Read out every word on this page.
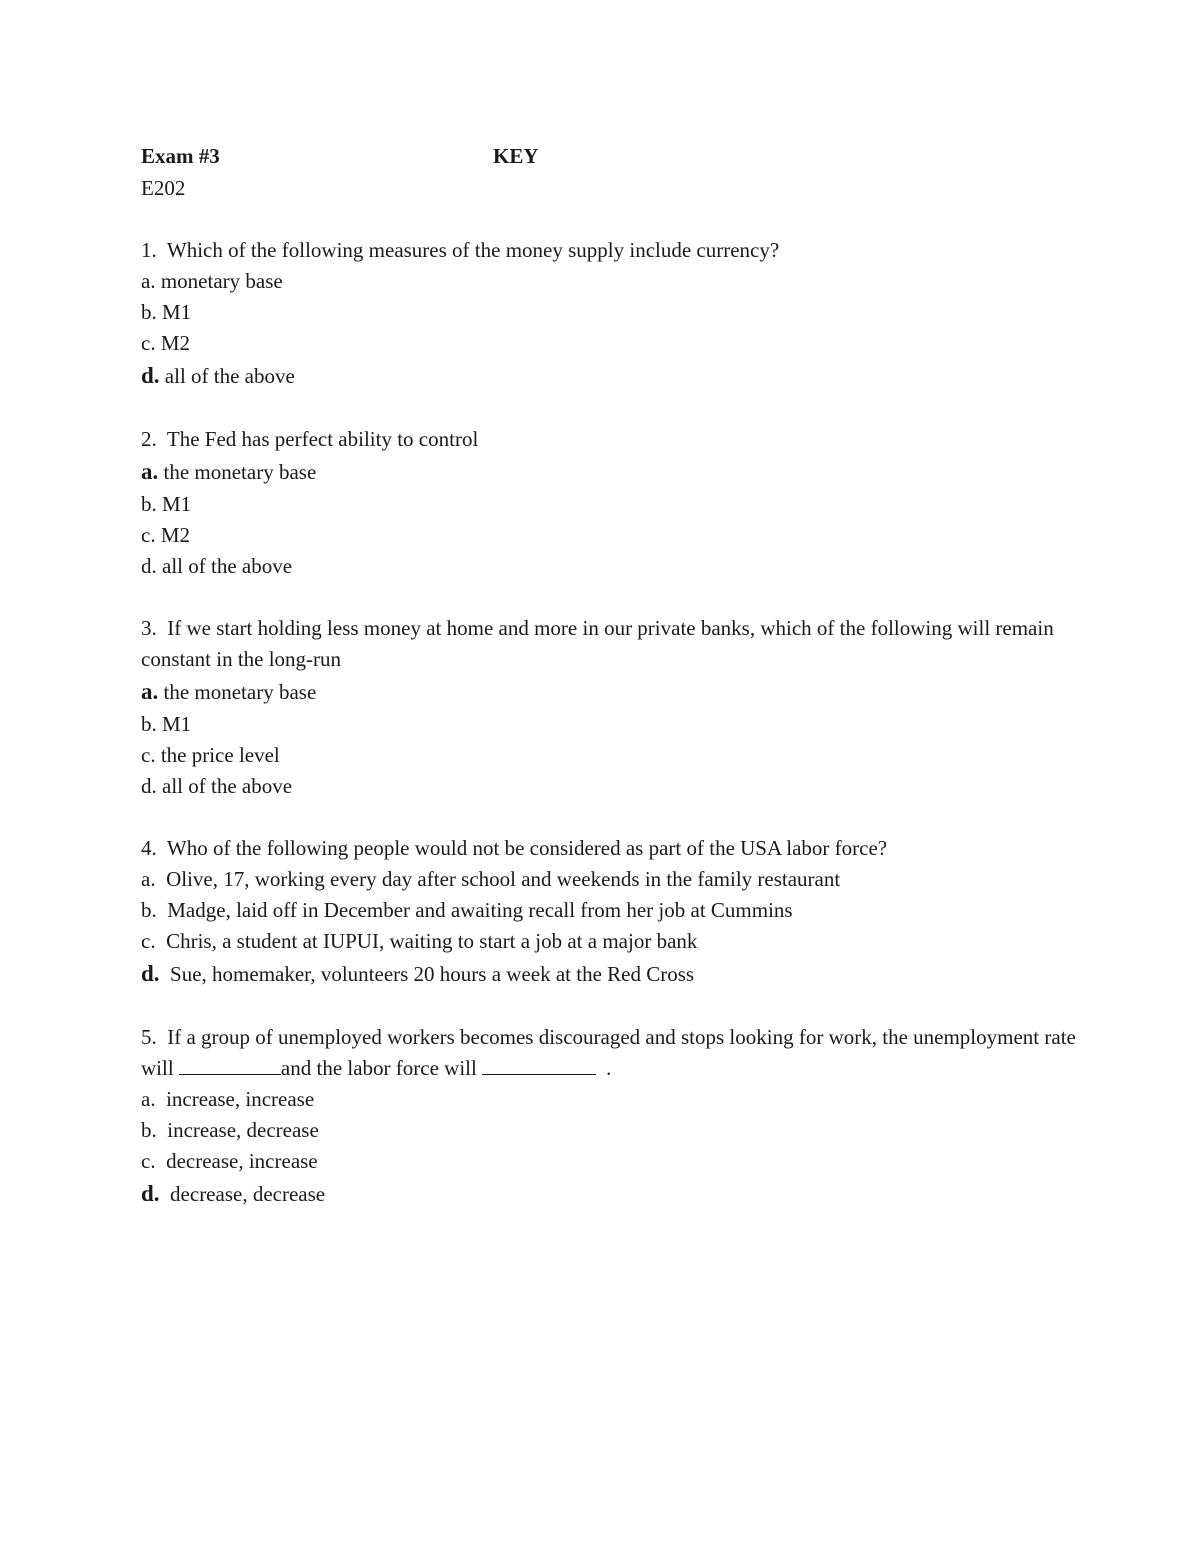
Exam #3	KEY
E202
1. Which of the following measures of the money supply include currency?
a. monetary base
b. M1
c. M2
d. all of the above
2. The Fed has perfect ability to control
a. the monetary base
b. M1
c. M2
d. all of the above
3. If we start holding less money at home and more in our private banks, which of the following will remain constant in the long-run
a. the monetary base
b. M1
c. the price level
d. all of the above
4. Who of the following people would not be considered as part of the USA labor force?
a. Olive, 17, working every day after school and weekends in the family restaurant
b. Madge, laid off in December and awaiting recall from her job at Cummins
c. Chris, a student at IUPUI, waiting to start a job at a major bank
d. Sue, homemaker, volunteers 20 hours a week at the Red Cross
5. If a group of unemployed workers becomes discouraged and stops looking for work, the unemployment rate will	and the labor force will	.
a. increase, increase
b. increase, decrease
c. decrease, increase
d. decrease, decrease
